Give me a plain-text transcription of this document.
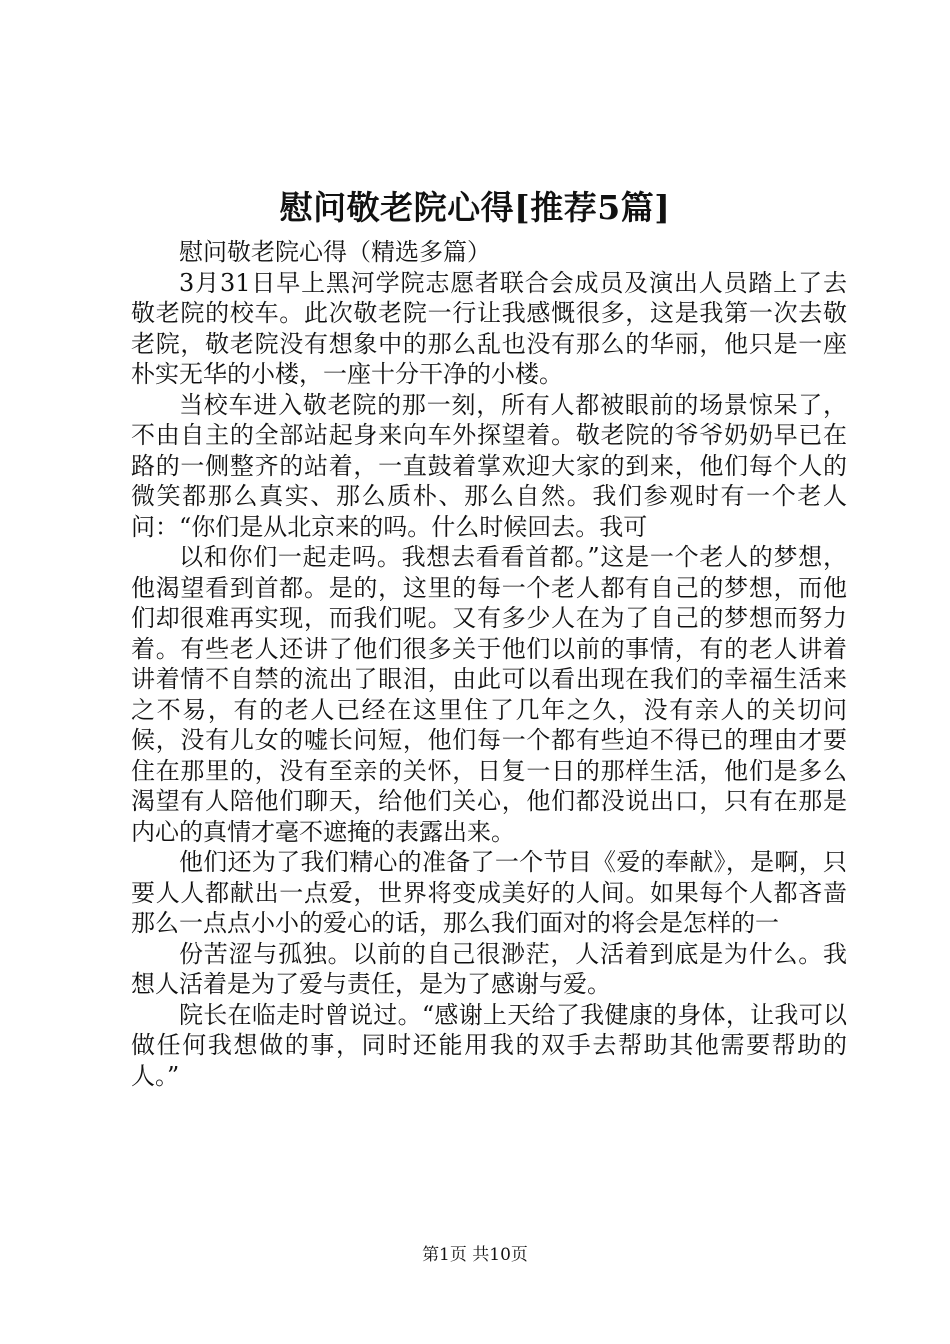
慰问敬老院心得[推荐5篇]

慰问敬老院心得（精选多篇）

3月31日早上黑河学院志愿者联合会成员及演出人员踏上了去敬老院的校车。此次敬老院一行让我感慨很多，这是我第一次去敬老院，敬老院没有想象中的那么乱也没有那么的华丽，他只是一座朴实无华的小楼，一座十分干净的小楼。

当校车进入敬老院的那一刻，所有人都被眼前的场景惊呆了，不由自主的全部站起身来向车外探望着。敬老院的爷爷奶奶早已在路的一侧整齐的站着，一直鼓着掌欢迎大家的到来，他们每个人的微笑都那么真实、那么质朴、那么自然。我们参观时有一个老人问：“你们是从北京来的吗。什么时候回去。我可

以和你们一起走吗。我想去看看首都。”这是一个老人的梦想，他渴望看到首都。是的，这里的每一个老人都有自己的梦想，而他们却很难再实现，而我们呢。又有多少人在为了自己的梦想而努力着。有些老人还讲了他们很多关于他们以前的事情，有的老人讲着讲着情不自禁的流出了眼泪，由此可以看出现在我们的幸福生活来之不易，有的老人已经在这里住了几年之久，没有亲人的关切问候，没有儿女的嘘长问短，他们每一个都有些迫不得已的理由才要住在那里的，没有至亲的关怀，日复一日的那样生活，他们是多么渴望有人陪他们聊天，给他们关心，他们都没说出口，只有在那是内心的真情才毫不遮掩的表露出来。

他们还为了我们精心的准备了一个节目《爱的奉献》，是啊，只要人人都献出一点爱，世界将变成美好的人间。如果每个人都吝啬那么一点点小小的爱心的话，那么我们面对的将会是怎样的一

份苦涩与孤独。以前的自己很渺茫，人活着到底是为什么。我想人活着是为了爱与责任，是为了感谢与爱。

院长在临走时曾说过。“感谢上天给了我健康的身体，让我可以做任何我想做的事，同时还能用我的双手去帮助其他需要帮助的人。”

第1页 共10页
